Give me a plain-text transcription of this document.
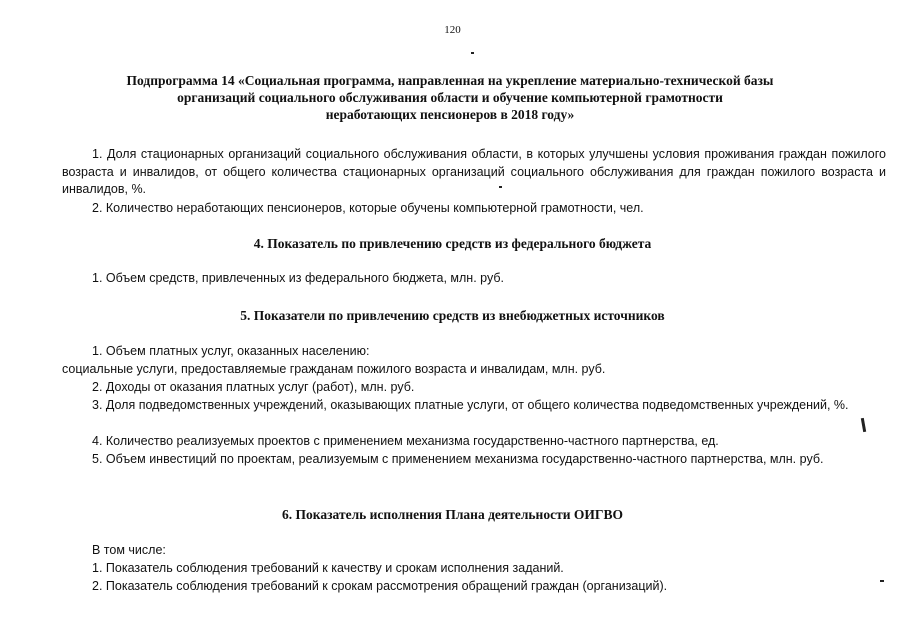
120
Подпрограмма 14 «Социальная программа, направленная на укрепление материально-технической базы
организаций социального обслуживания области и обучение компьютерной грамотности
неработающих пенсионеров в 2018 году»

1. Доля стационарных организаций социального обслуживания области, в которых улучшены условия проживания граждан пожилого возраста и инвалидов, от общего количества стационарных организаций социального обслуживания для граждан пожилого возраста и инвалидов, %.

2. Количество неработающих пенсионеров, которые обучены компьютерной грамотности, чел.

4. Показатель по привлечению средств из федерального бюджета

1. Объем средств, привлеченных из федерального бюджета, млн. руб.

5. Показатели по привлечению средств из внебюджетных источников

1. Объем платных услуг, оказанных населению:

социальные услуги, предоставляемые гражданам пожилого возраста и инвалидам, млн. руб.

2. Доходы от оказания платных услуг (работ), млн. руб.

3. Доля подведомственных учреждений, оказывающих платные услуги, от общего количества подведомственных учреждений, %.

4. Количество реализуемых проектов с применением механизма государственно-частного партнерства, ед.

5. Объем инвестиций по проектам, реализуемым с применением механизма государственно-частного партнерства, млн. руб.

6. Показатель исполнения Плана деятельности ОИГВО

В том числе:

1. Показатель соблюдения требований к качеству и срокам исполнения заданий.

2. Показатель соблюдения требований к срокам рассмотрения обращений граждан (организаций).
